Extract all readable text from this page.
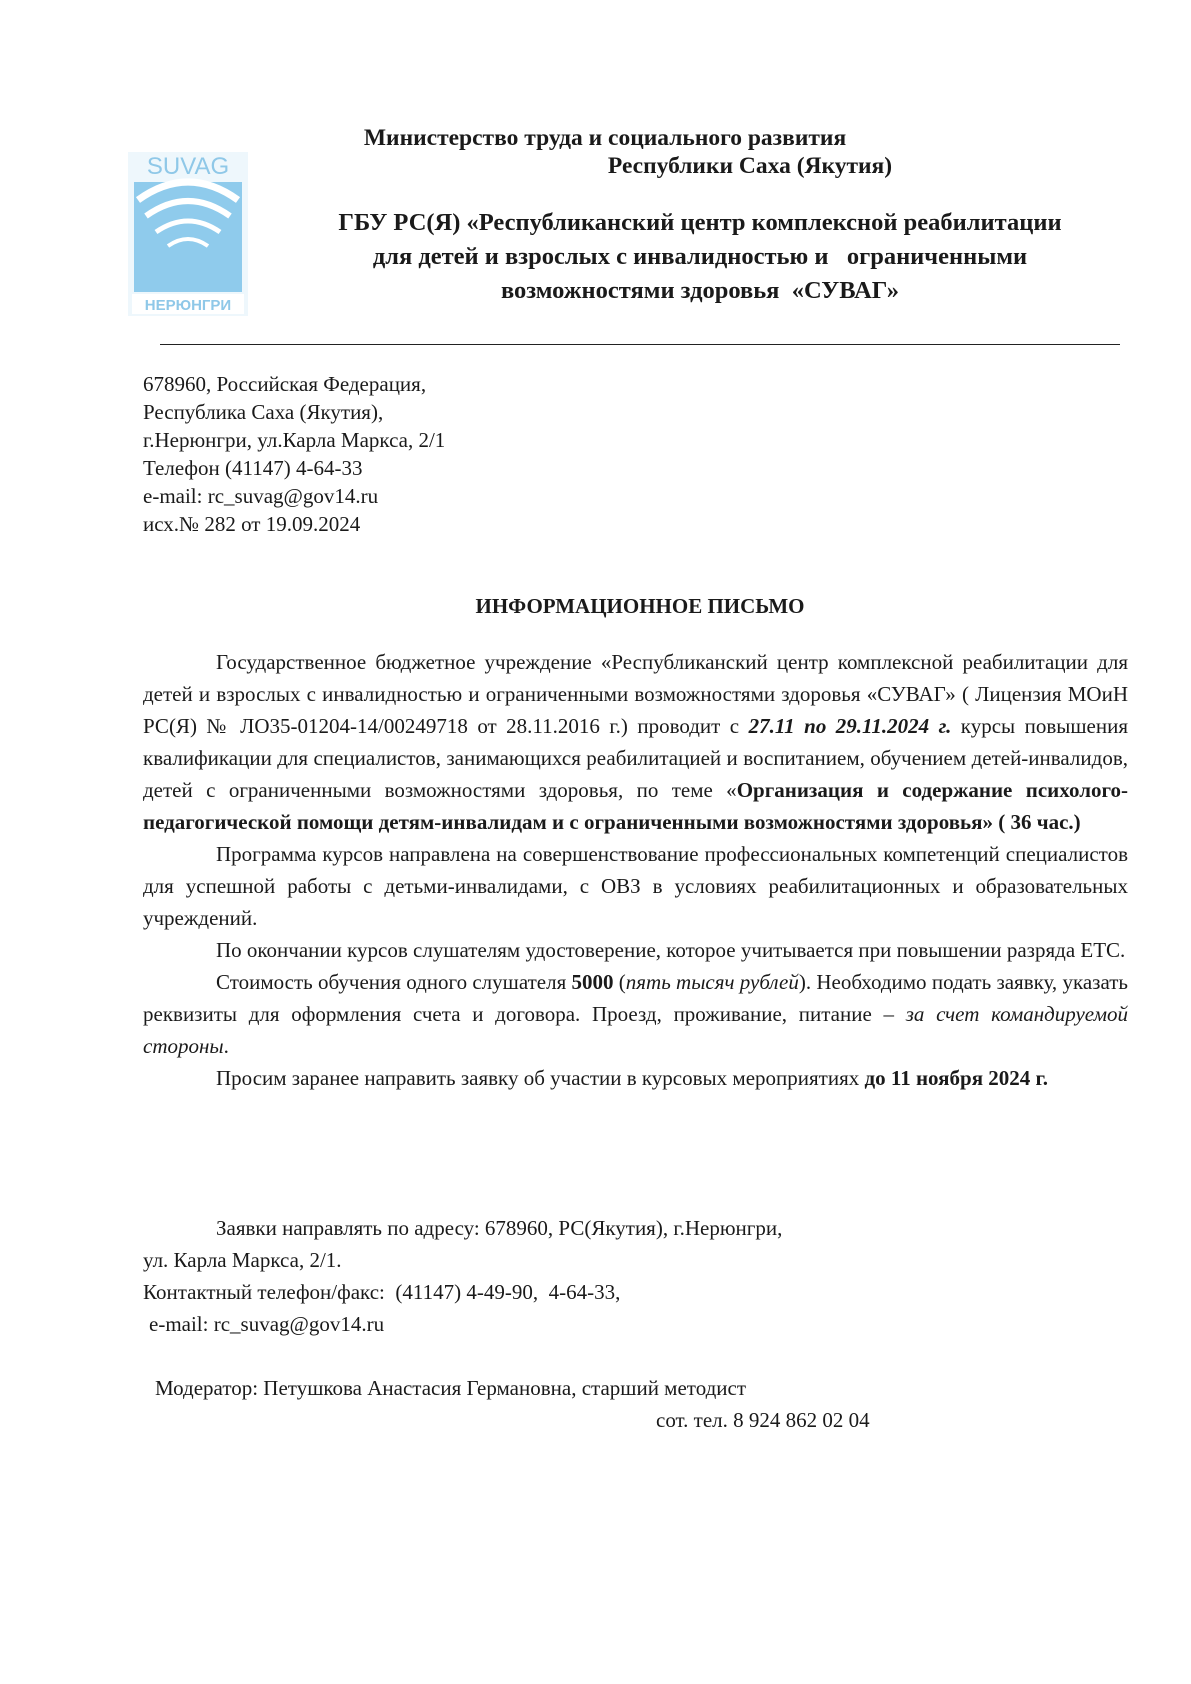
SUVAG
НЕРЮНГРИ
Министерство труда и социального развития
Республики Саха (Якутия)
ГБУ РС(Я) «Республиканский центр комплексной реабилитации
для детей и взрослых с инвалидностью и   ограниченными
возможностями здоровья  «СУВАГ»
678960, Российская Федерация,
Республика Саха (Якутия),
г.Нерюнгри, ул.Карла Маркса, 2/1
Телефон (41147) 4-64-33
e-mail: rc_suvag@gov14.ru
исх.№ 282 от 19.09.2024
ИНФОРМАЦИОННОЕ ПИСЬМО

Государственное бюджетное учреждение «Республиканский центр комплексной реабилитации для детей и взрослых с инвалидностью и ограниченными возможностями здоровья «СУВАГ» ( Лицензия МОиН РС(Я) № ЛО35-01204-14/00249718 от 28.11.2016 г.) проводит с 27.11 по 29.11.2024 г. курсы повышения квалификации для специалистов, занимающихся реабилитацией и воспитанием, обучением детей-инвалидов, детей с ограниченными возможностями здоровья, по теме «Организация и содержание психолого-педагогической помощи детям-инвалидам и с ограниченными возможностями здоровья» ( 36 час.)

Программа курсов направлена на совершенствование профессиональных компетенций специалистов для успешной работы с детьми-инвалидами, с ОВЗ в условиях реабилитационных и образовательных учреждений.

По окончании курсов слушателям удостоверение, которое учитывается при повышении разряда ЕТС.

Стоимость обучения одного слушателя 5000 (пять тысяч рублей). Необходимо подать заявку, указать реквизиты для оформления счета и договора. Проезд, проживание, питание – за счет командируемой стороны.

Просим заранее направить заявку об участии в курсовых мероприятиях до 11 ноября 2024 г.

Заявки направлять по адресу: 678960, РС(Якутия), г.Нерюнгри,
ул. Карла Маркса, 2/1.
Контактный телефон/факс:  (41147) 4-49-90,  4-64-33,
e-mail: rc_suvag@gov14.ru
Модератор: Петушкова Анастасия Германовна, старший методист
сот. тел. 8 924 862 02 04
